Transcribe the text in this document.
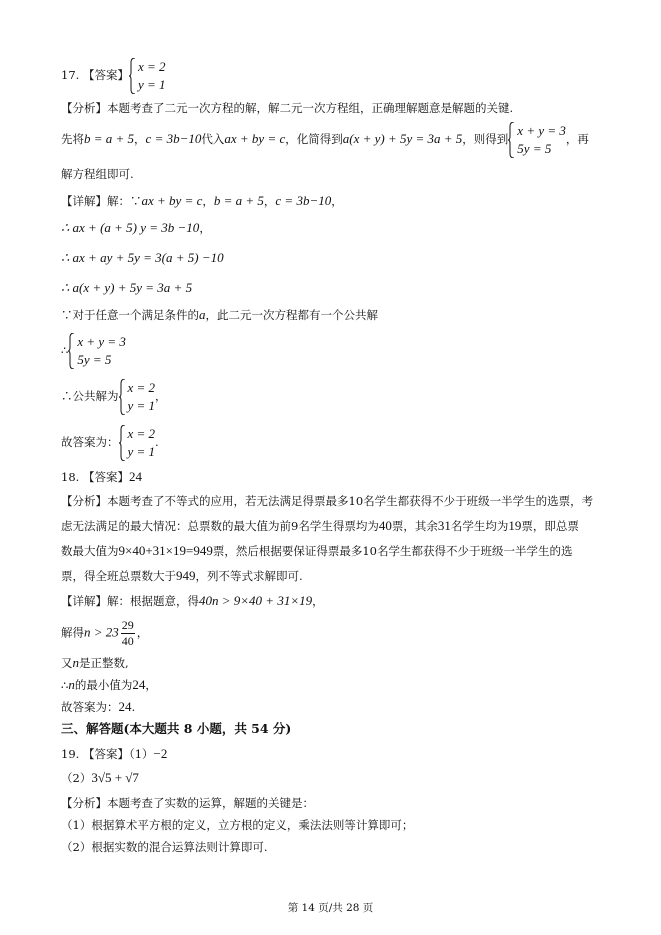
17. 【答案】
x = 2
y = 1
【分析】本题考查了二元一次方程的解，解二元一次方程组，正确理解题意是解题的关键.
先将b = a + 5，c = 3b−10代入ax + by = c，化简得到a(x + y) + 5y = 3a + 5，则得到
x + y = 3
5y = 5
，再
解方程组即可.
【详解】解：∵ax + by = c，b = a + 5，c = 3b−10，
∴ ax + (a + 5) y = 3b −10，
∴ ax + ay + 5y = 3(a + 5) −10
∴ a(x + y) + 5y = 3a + 5
∵对于任意一个满足条件的a，此二元一次方程都有一个公共解
∴
x + y = 3
5y = 5
∴公共解为
x = 2
y = 1
，
故答案为：
x = 2
y = 1
.
18. 【答案】24
【分析】本题考查了不等式的应用，若无法满足得票最多10名学生都获得不少于班级一半学生的选票，考
虑无法满足的最大情况：总票数的最大值为前9名学生得票均为40票，其余31名学生均为19票，即总票
数最大值为9×40+31×19=949票，然后根据要保证得票最多10名学生都获得不少于班级一半学生的选
票，得全班总票数大于949，列不等式求解即可.
【详解】解：根据题意，得40n > 9×40 + 31×19，
解得$n > 23 \frac{29}{40}$ ，
又n是正整数,
∴n的最小值为24，
故答案为：24.
三、解答题(本大题共 8 小题，共 54 分)
19. 【答案】（1）−2
（2）3√5 + √7
【分析】本题考查了实数的运算，解题的关键是：
（1）根据算术平方根的定义，立方根的定义，乘法法则等计算即可；
（2）根据实数的混合运算法则计算即可.
第 14 页/共 28 页
